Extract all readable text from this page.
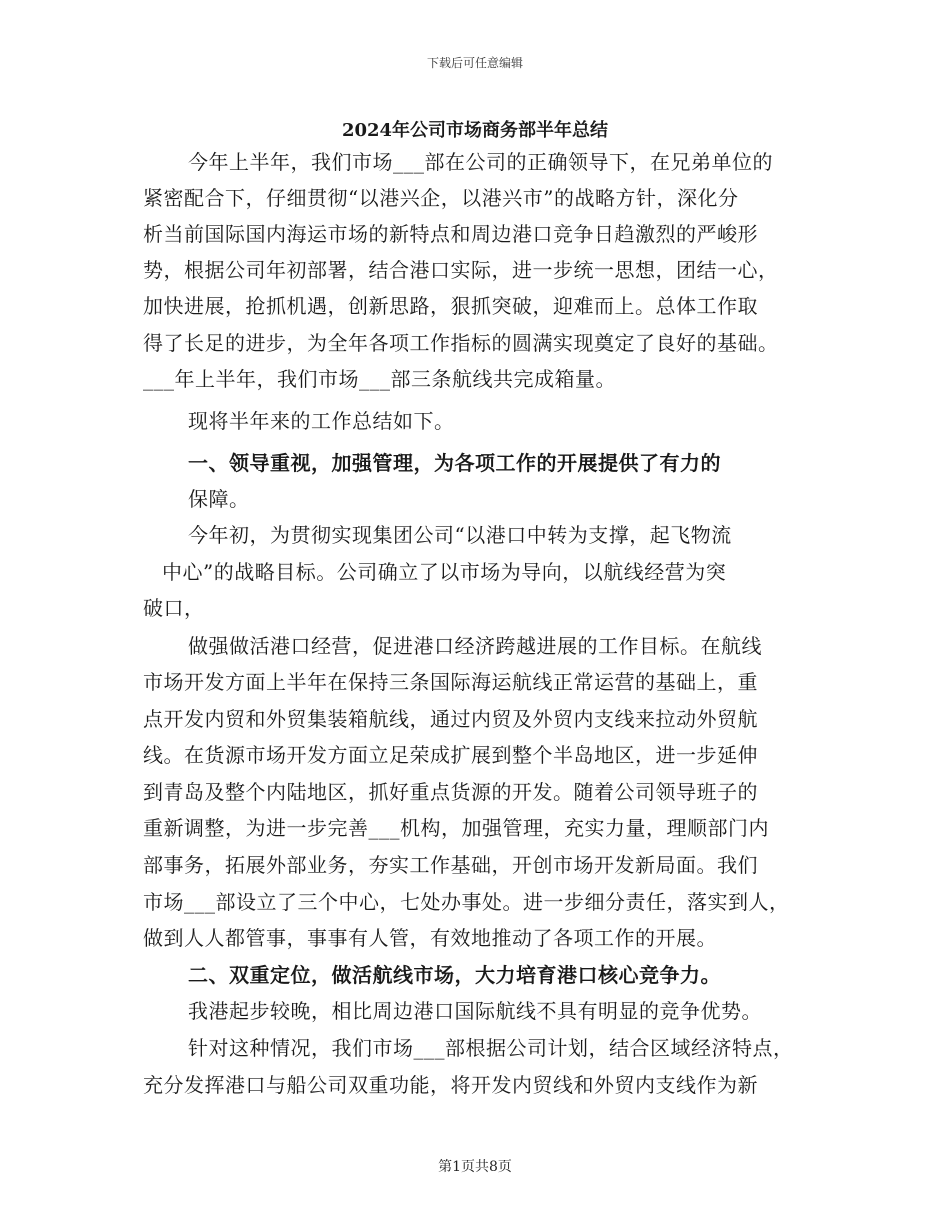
下载后可任意编辑
2024年公司市场商务部半年总结
今年上半年，我们市场___部在公司的正确领导下，在兄弟单位的
紧密配合下，仔细贯彻“以港兴企，以港兴市”的战略方针，深化分
析当前国际国内海运市场的新特点和周边港口竞争日趋激烈的严峻形
势，根据公司年初部署，结合港口实际，进一步统一思想，团结一心，
加快进展，抢抓机遇，创新思路，狠抓突破，迎难而上。总体工作取
得了长足的进步，为全年各项工作指标的圆满实现奠定了良好的基础。
___年上半年，我们市场___部三条航线共完成箱量。
现将半年来的工作总结如下。
一、领导重视，加强管理，为各项工作的开展提供了有力的
保障。
今年初，为贯彻实现集团公司“以港口中转为支撑，起飞物流
中心”的战略目标。公司确立了以市场为导向，以航线经营为突
破口，
做强做活港口经营，促进港口经济跨越进展的工作目标。在航线
市场开发方面上半年在保持三条国际海运航线正常运营的基础上，重
点开发内贸和外贸集装箱航线，通过内贸及外贸内支线来拉动外贸航
线。在货源市场开发方面立足荣成扩展到整个半岛地区，进一步延伸
到青岛及整个内陆地区，抓好重点货源的开发。随着公司领导班子的
重新调整，为进一步完善___机构，加强管理，充实力量，理顺部门内
部事务，拓展外部业务，夯实工作基础，开创市场开发新局面。我们
市场___部设立了三个中心，七处办事处。进一步细分责任，落实到人，
做到人人都管事，事事有人管，有效地推动了各项工作的开展。
二、双重定位，做活航线市场，大力培育港口核心竞争力。
我港起步较晚，相比周边港口国际航线不具有明显的竞争优势。
针对这种情况，我们市场___部根据公司计划，结合区域经济特点，
充分发挥港口与船公司双重功能，将开发内贸线和外贸内支线作为新
第1页共8页
